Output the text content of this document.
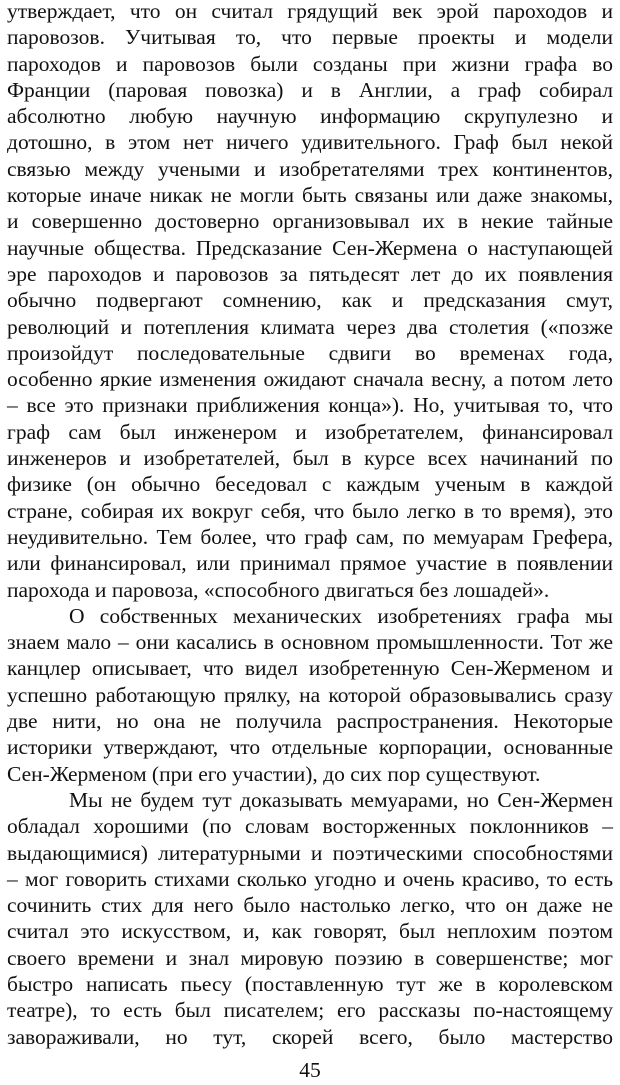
утверждает, что он считал грядущий век эрой пароходов и
паровозов. Учитывая то, что первые проекты и модели
пароходов и паровозов были созданы при жизни графа во
Франции (паровая повозка) и в Англии, а граф собирал
абсолютно любую научную информацию скрупулезно и
дотошно, в этом нет ничего удивительного. Граф был некой
связью между учеными и изобретателями трех континентов,
которые иначе никак не могли быть связаны или даже знакомы,
и совершенно достоверно организовывал их в некие тайные
научные общества. Предсказание Сен-Жермена о наступающей
эре пароходов и паровозов за пятьдесят лет до их появления
обычно подвергают сомнению, как и предсказания смут,
революций и потепления климата через два столетия («позже
произойдут последовательные сдвиги во временах года,
особенно яркие изменения ожидают сначала весну, а потом лето
– все это признаки приближения конца»). Но, учитывая то, что
граф сам был инженером и изобретателем, финансировал
инженеров и изобретателей, был в курсе всех начинаний по
физике (он обычно беседовал с каждым ученым в каждой
стране, собирая их вокруг себя, что было легко в то время), это
неудивительно. Тем более, что граф сам, по мемуарам Грефера,
или финансировал, или принимал прямое участие в появлении
парохода и паровоза, «способного двигаться без лошадей».

О собственных механических изобретениях графа мы
знаем мало – они касались в основном промышленности. Тот же
канцлер описывает, что видел изобретенную Сен-Жерменом и
успешно работающую прялку, на которой образовывались сразу
две нити, но она не получила распространения. Некоторые
историки утверждают, что отдельные корпорации, основанные
Сен-Жерменом (при его участии), до сих пор существуют.

Мы не будем тут доказывать мемуарами, но Сен-Жермен
обладал хорошими (по словам восторженных поклонников –
выдающимися) литературными и поэтическими способностями
– мог говорить стихами сколько угодно и очень красиво, то есть
сочинить стих для него было настолько легко, что он даже не
считал это искусством, и, как говорят, был неплохим поэтом
своего времени и знал мировую поэзию в совершенстве; мог
быстро написать пьесу (поставленную тут же в королевском
театре), то есть был писателем; его рассказы по-настоящему
завораживали, но тут, скорей всего, было мастерство

45
